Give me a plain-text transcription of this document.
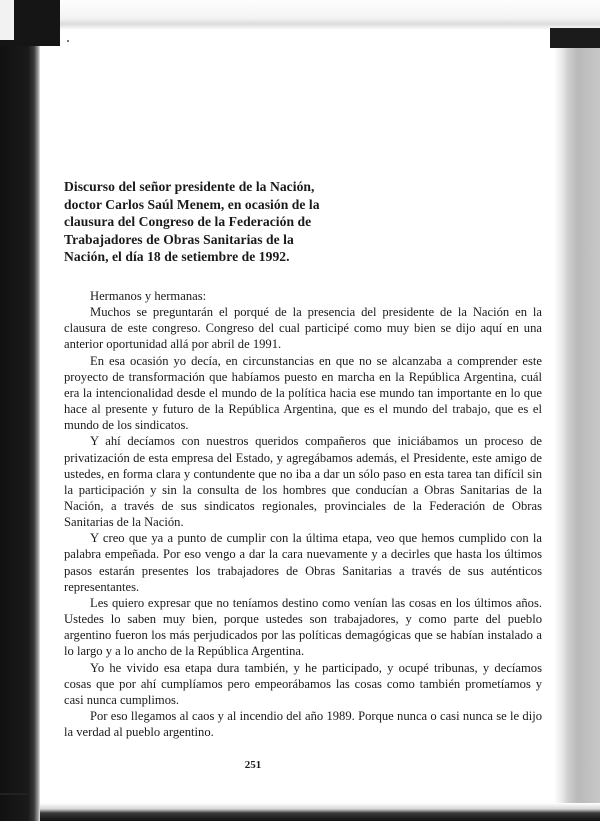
Discurso del señor presidente de la Nación,
doctor Carlos Saúl Menem, en ocasión de la
clausura del Congreso de la Federación de
Trabajadores de Obras Sanitarias de la
Nación, el día 18 de setiembre de 1992.

Hermanos y hermanas:

Muchos se preguntarán el porqué de la presencia del presidente de la Nación en la clausura de este congreso. Congreso del cual participé como muy bien se dijo aquí en una anterior oportunidad allá por abril de 1991.

En esa ocasión yo decía, en circunstancias en que no se alcanzaba a comprender este proyecto de transformación que habíamos puesto en marcha en la República Argentina, cuál era la intencionalidad desde el mundo de la política hacia ese mundo tan importante en lo que hace al presente y futuro de la República Argentina, que es el mundo del trabajo, que es el mundo de los sindicatos.

Y ahí decíamos con nuestros queridos compañeros que iniciábamos un proceso de privatización de esta empresa del Estado, y agregábamos además, el Presidente, este amigo de ustedes, en forma clara y contundente que no iba a dar un sólo paso en esta tarea tan difícil sin la participación y sin la consulta de los hombres que conducían a Obras Sanitarias de la Nación, a través de sus sindicatos regionales, provinciales de la Federación de Obras Sanitarias de la Nación.

Y creo que ya a punto de cumplir con la última etapa, veo que hemos cumplido con la palabra empeñada. Por eso vengo a dar la cara nuevamente y a decirles que hasta los últimos pasos estarán presentes los trabajadores de Obras Sanitarias a través de sus auténticos representantes.

Les quiero expresar que no teníamos destino como venían las cosas en los últimos años. Ustedes lo saben muy bien, porque ustedes son trabajadores, y como parte del pueblo argentino fueron los más perjudicados por las políticas demagógicas que se habían instalado a lo largo y a lo ancho de la República Argentina.

Yo he vivido esa etapa dura también, y he participado, y ocupé tribunas, y decíamos cosas que por ahí cumplíamos pero empeorábamos las cosas como también prometíamos y casi nunca cumplimos.

Por eso llegamos al caos y al incendio del año 1989. Porque nunca o casi nunca se le dijo la verdad al pueblo argentino.

251
